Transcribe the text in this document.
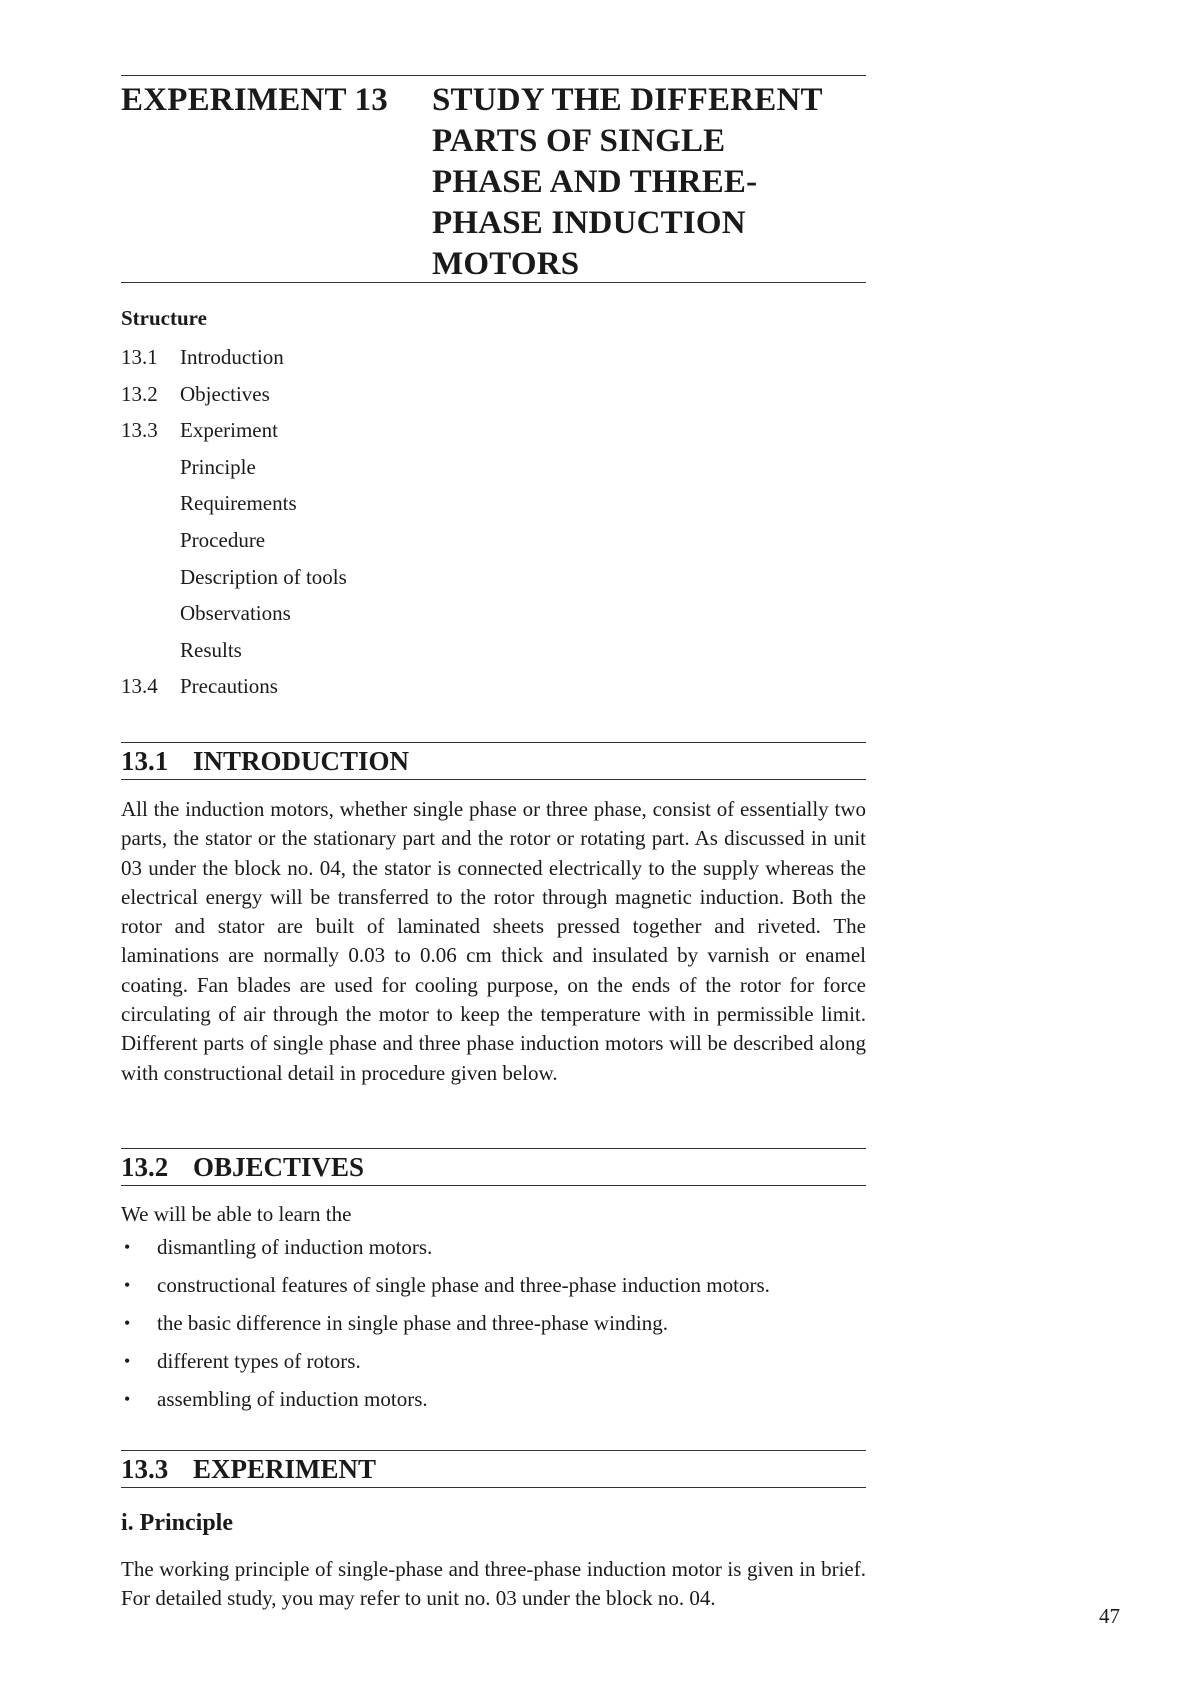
EXPERIMENT 13 STUDY THE DIFFERENT
PARTS OF SINGLE
PHASE AND THREE-
PHASE INDUCTION
MOTORS
Structure
13.1	Introduction
13.2	Objectives
13.3	Experiment
Principle
Requirements
Procedure
Description of tools
Observations
Results
13.4	Precautions
13.1 INTRODUCTION
All the induction motors, whether single phase or three phase, consist of essentially two parts, the stator or the stationary part and the rotor or rotating part. As discussed in unit 03 under the block no. 04, the stator is connected electrically to the supply whereas the electrical energy will be transferred to the rotor through magnetic induction. Both the rotor and stator are built of laminated sheets pressed together and riveted. The laminations are normally 0.03 to 0.06 cm thick and insulated by varnish or enamel coating. Fan blades are used for cooling purpose, on the ends of the rotor for force circulating of air through the motor to keep the temperature with in permissible limit. Different parts of single phase and three phase induction motors will be described along with constructional detail in procedure given below.
13.2 OBJECTIVES
We will be able to learn the
• dismantling of induction motors.
• constructional features of single phase and three-phase induction motors.
• the basic difference in single phase and three-phase winding.
• different types of rotors.
• assembling of induction motors.
13.3 EXPERIMENT
i. Principle
The working principle of single-phase and three-phase induction motor is given in brief. For detailed study, you may refer to unit no. 03 under the block no. 04.
47
